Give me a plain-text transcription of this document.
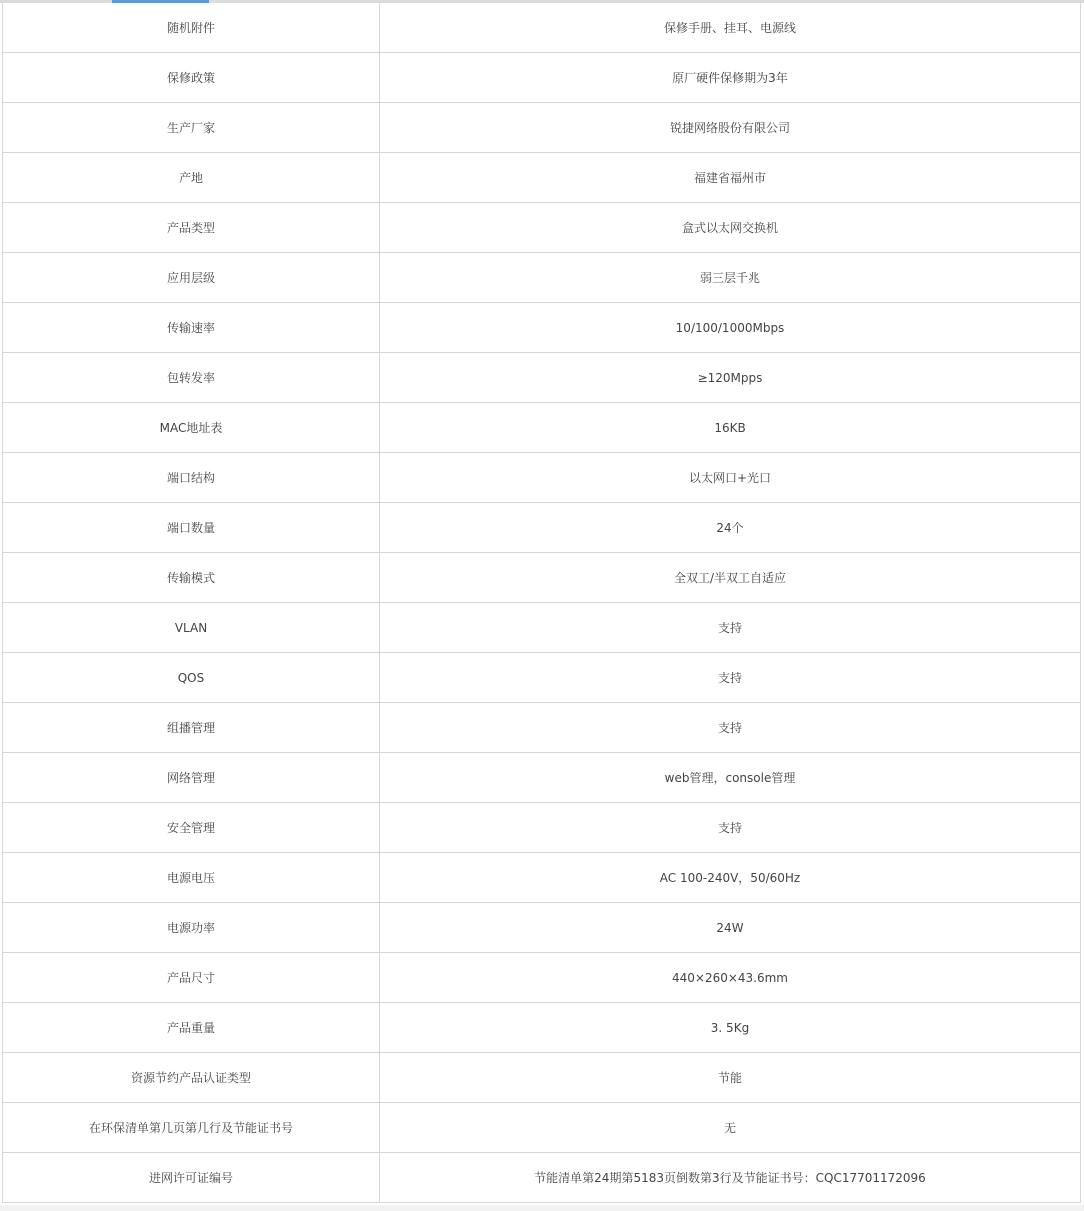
随机附件	保修手册、挂耳、电源线
保修政策	原厂硬件保修期为3年
生产厂家	锐捷网络股份有限公司
产地	福建省福州市
产品类型	盒式以太网交换机
应用层级	弱三层千兆
传输速率	10/100/1000Mbps
包转发率	≥120Mpps
MAC地址表	16KB
端口结构	以太网口+光口
端口数量	24个
传输模式	全双工/半双工自适应
VLAN	支持
QOS	支持
组播管理	支持
网络管理	web管理，console管理
安全管理	支持
电源电压	AC 100-240V，50/60Hz
电源功率	24W
产品尺寸	440×260×43.6mm
产品重量	3. 5Kg
资源节约产品认证类型	节能
在环保清单第几页第几行及节能证书号	无
进网许可证编号	节能清单第24期第5183页倒数第3行及节能证书号：CQC17701172096
